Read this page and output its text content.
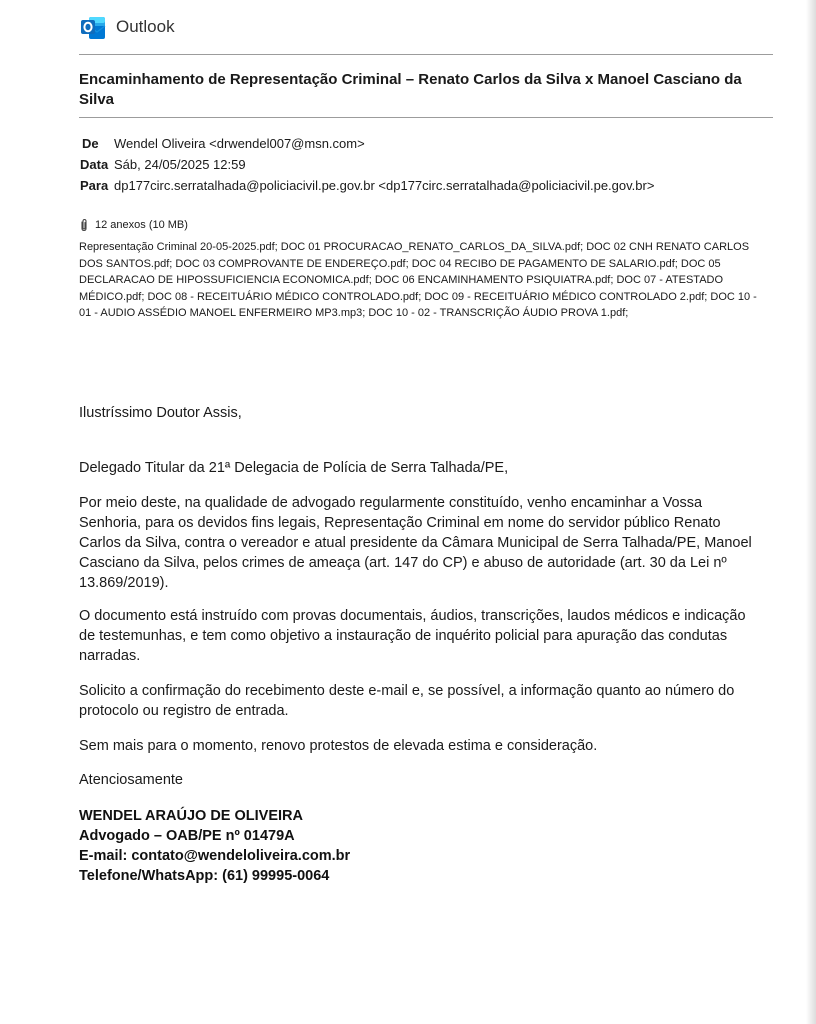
Outlook
Encaminhamento de Representação Criminal – Renato Carlos da Silva x Manoel Casciano da Silva
De	Wendel Oliveira <drwendel007@msn.com>
Data Sáb, 24/05/2025 12:59
Para dp177circ.serratalhada@policiacivil.pe.gov.br <dp177circ.serratalhada@policiacivil.pe.gov.br>
12 anexos (10 MB)
Representação Criminal 20-05-2025.pdf; DOC 01 PROCURACAO_RENATO_CARLOS_DA_SILVA.pdf; DOC 02 CNH RENATO CARLOS DOS SANTOS.pdf; DOC 03 COMPROVANTE DE ENDEREÇO.pdf; DOC 04 RECIBO DE PAGAMENTO DE SALARIO.pdf; DOC 05 DECLARACAO DE HIPOSSUFICIENCIA ECONOMICA.pdf; DOC 06 ENCAMINHAMENTO PSIQUIATRA.pdf; DOC 07 - ATESTADO MÉDICO.pdf; DOC 08 - RECEITUÁRIO MÉDICO CONTROLADO.pdf; DOC 09 - RECEITUÁRIO MÉDICO CONTROLADO 2.pdf; DOC 10 - 01 - AUDIO ASSÉDIO MANOEL ENFERMEIRO MP3.mp3; DOC 10 - 02 - TRANSCRIÇÃO ÁUDIO PROVA 1.pdf;
Ilustríssimo Doutor Assis,
Delegado Titular da 21ª Delegacia de Polícia de Serra Talhada/PE,
Por meio deste, na qualidade de advogado regularmente constituído, venho encaminhar a Vossa Senhoria, para os devidos fins legais, Representação Criminal em nome do servidor público Renato Carlos da Silva, contra o vereador e atual presidente da Câmara Municipal de Serra Talhada/PE, Manoel Casciano da Silva, pelos crimes de ameaça (art. 147 do CP) e abuso de autoridade (art. 30 da Lei nº 13.869/2019).
O documento está instruído com provas documentais, áudios, transcrições, laudos médicos e indicação de testemunhas, e tem como objetivo a instauração de inquérito policial para apuração das condutas narradas.
Solicito a confirmação do recebimento deste e-mail e, se possível, a informação quanto ao número do protocolo ou registro de entrada.
Sem mais para o momento, renovo protestos de elevada estima e consideração.
Atenciosamente
WENDEL ARAÚJO DE OLIVEIRA
Advogado – OAB/PE nº 01479A
E-mail: contato@wendeloliveira.com.br
Telefone/WhatsApp: (61) 99995-0064
